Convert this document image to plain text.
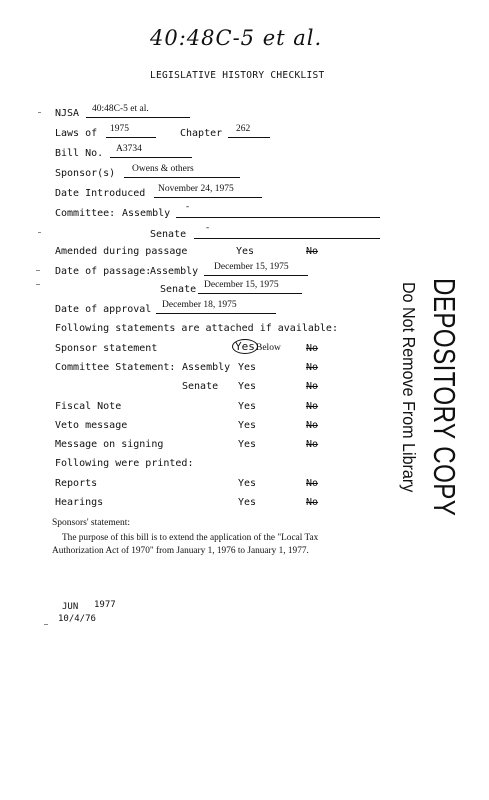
40:48C-5 et al.
LEGISLATIVE HISTORY CHECKLIST
NJSA 40:48C-5 et al.
Laws of 1975	Chapter 262
Bill No. A3734
Sponsor(s) Owens & others
Date Introduced November 24, 1975
Committee: Assembly
-
Senate
-
Amended during passage	Yes	No
Date of passage:
Assembly December 15, 1975
Senate December 15, 1975
Date of approval December 18, 1975
Following statements are attached if available:
Sponsor statement	Yes Below	No
Committee Statement: Assembly Yes	No
Senate Yes	No
Fiscal Note	Yes	No
Veto message	Yes	No
Message on signing	Yes	No
Following were printed:
Reports	Yes	No
Hearings	Yes	No
Sponsors' statement:
The purpose of this bill is to extend the application of the "Local Tax
Authorization Act of 1970" from January 1, 1976 to January 1, 1977.
JUN 1977
10/4/76
DEPOSITORY COPY
Do Not Remove From Library
